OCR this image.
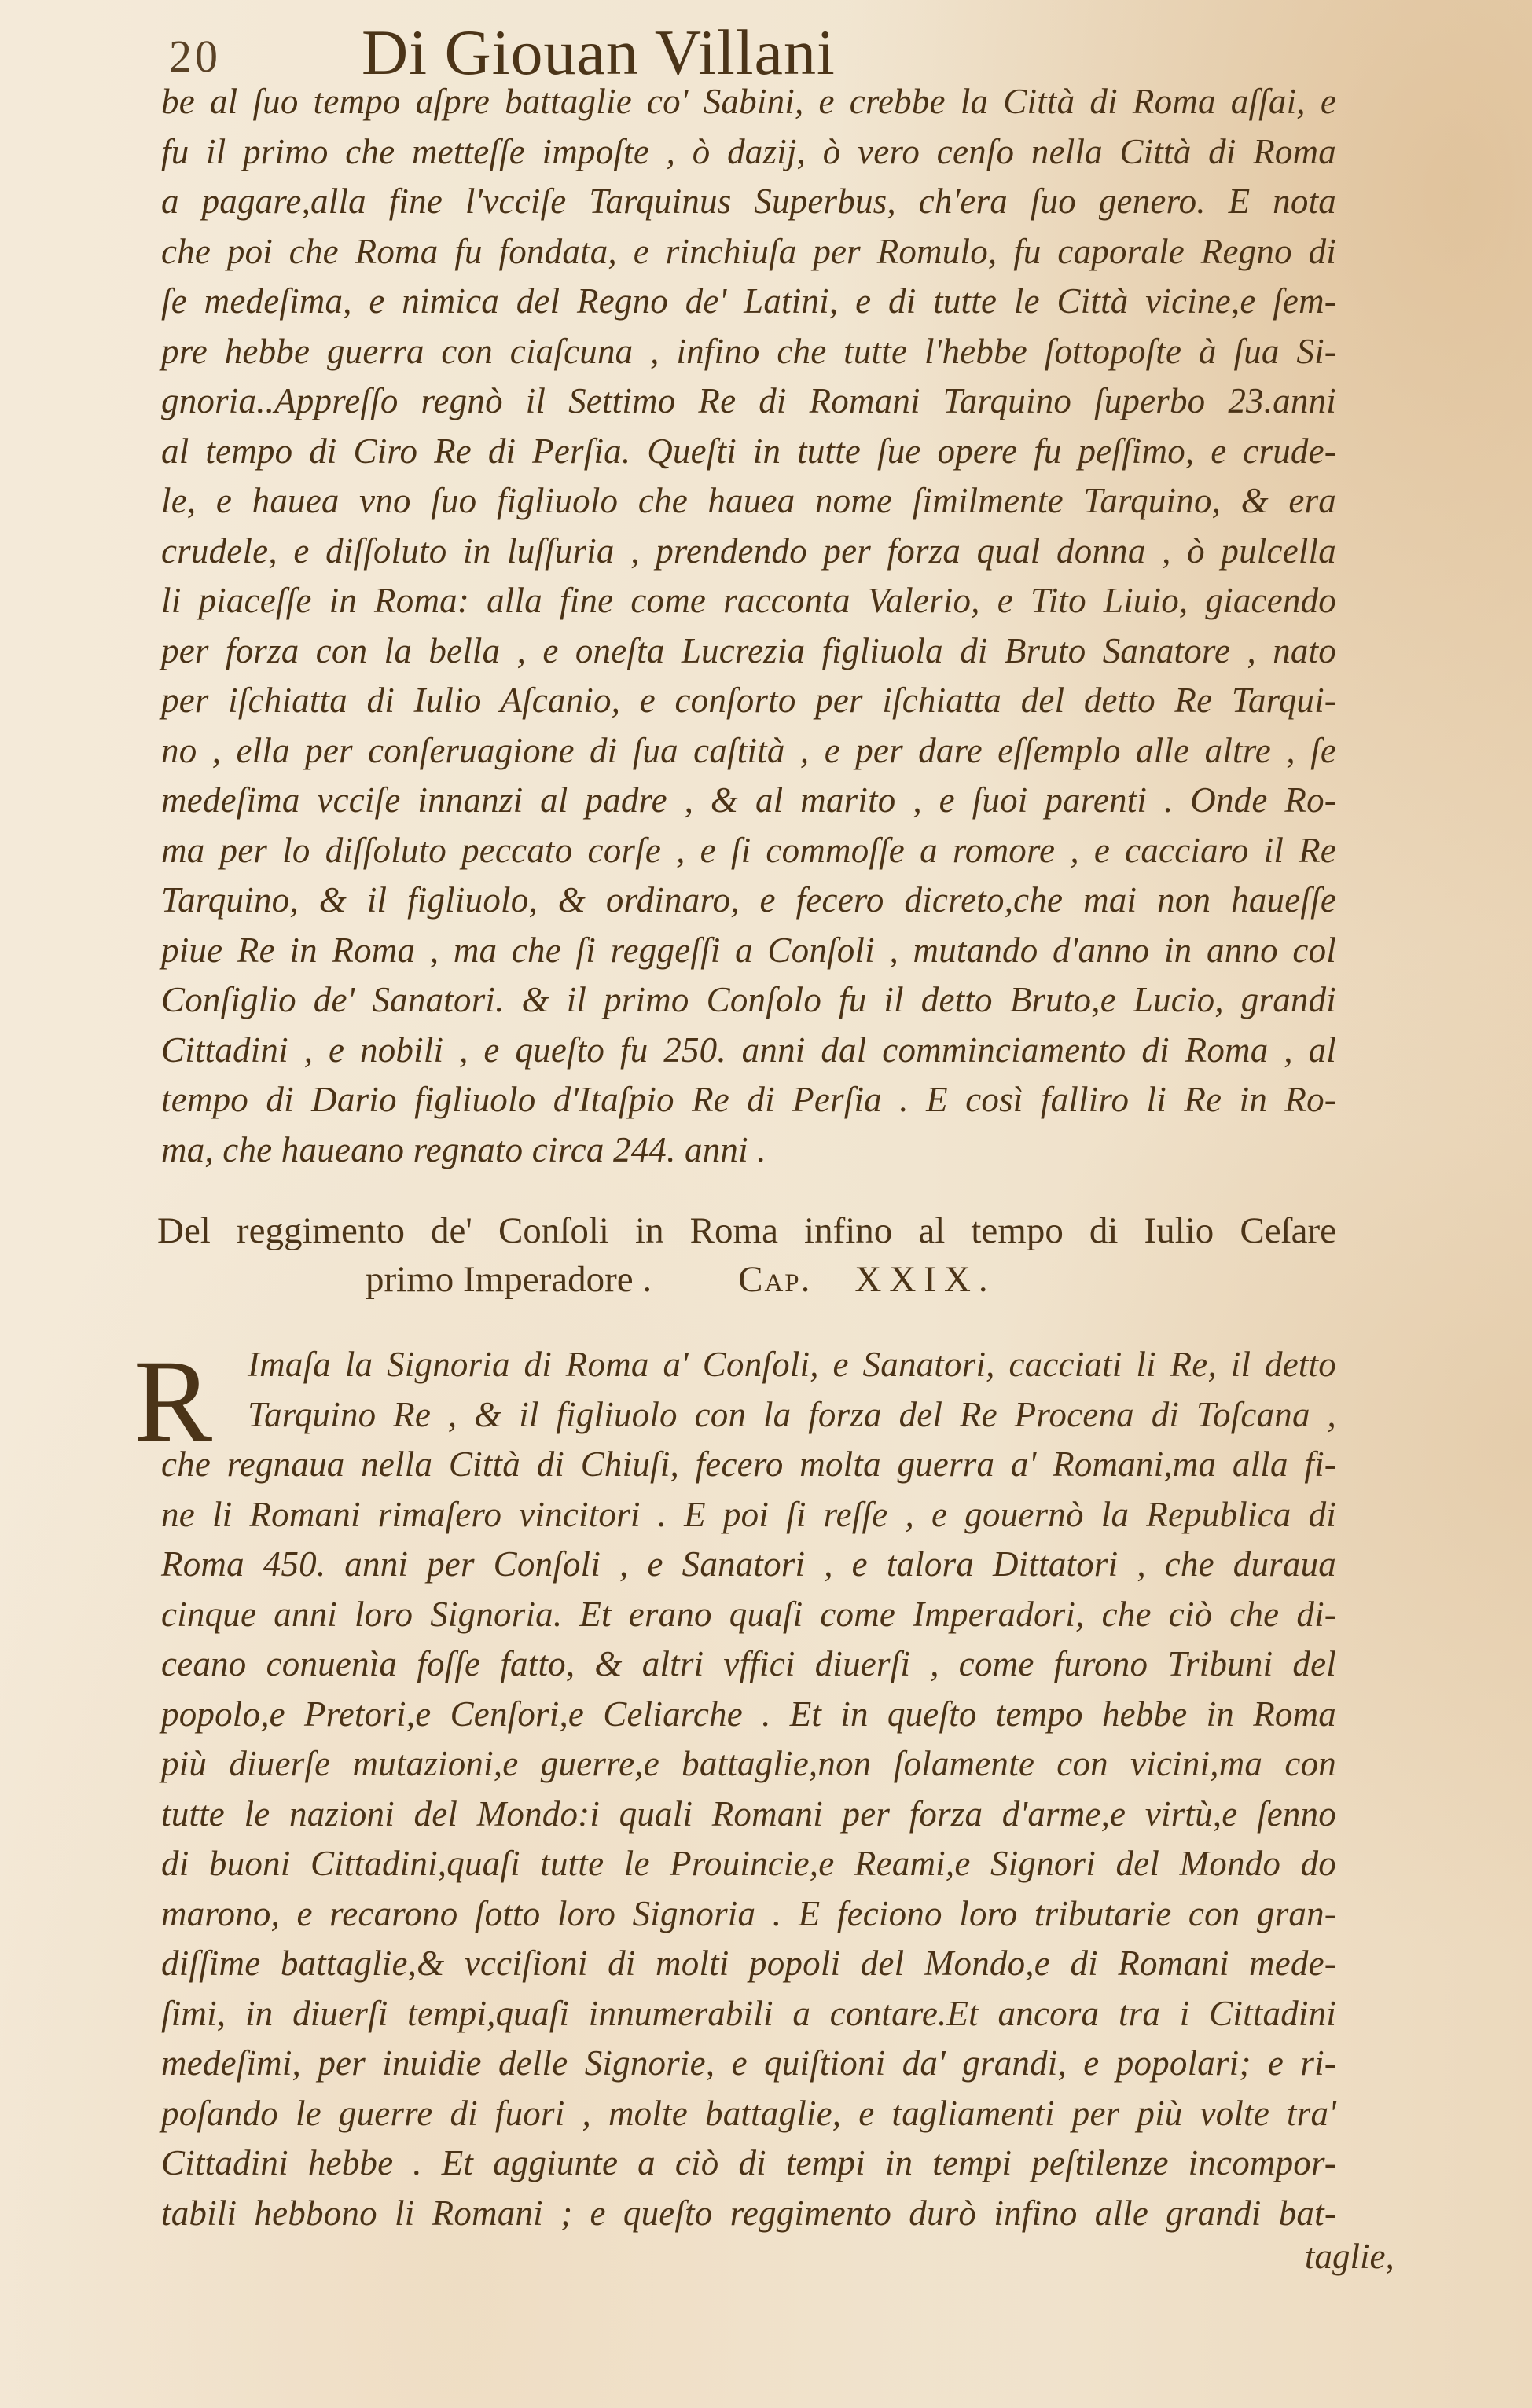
20 Di Giouan Villani
be al ſuo tempo aſpre battaglie co' Sabini, e crebbe la Città di Roma aſſai, e
fu il primo che metteſſe impoſte , ò dazij, ò vero cenſo nella Città di Roma
a pagare,alla fine l'vcciſe Tarquinus Superbus, ch'era ſuo genero. E nota
che poi che Roma fu fondata, e rinchiuſa per Romulo, fu caporale Regno di
ſe medeſima, e nimica del Regno de' Latini, e di tutte le Città vicine,e ſem-
pre hebbe guerra con ciaſcuna , infino che tutte l'hebbe ſottopoſte à ſua Si-
gnoria..Appreſſo regnò il Settimo Re di Romani Tarquino ſuperbo 23.anni
al tempo di Ciro Re di Perſia. Queſti in tutte ſue opere fu peſſimo, e crude-
le, e hauea vno ſuo figliuolo che hauea nome ſimilmente Tarquino, & era
crudele, e diſſoluto in luſſuria , prendendo per forza qual donna , ò pulcella
li piaceſſe in Roma: alla fine come racconta Valerio, e Tito Liuio, giacendo
per forza con la bella , e oneſta Lucrezia figliuola di Bruto Sanatore , nato
per iſchiatta di Iulio Aſcanio, e conſorto per iſchiatta del detto Re Tarqui-
no , ella per conſeruagione di ſua caſtità , e per dare eſſemplo alle altre , ſe
medeſima vcciſe innanzi al padre , & al marito , e ſuoi parenti . Onde Ro-
ma per lo diſſoluto peccato corſe , e ſi commoſſe a romore , e cacciaro il Re
Tarquino, & il figliuolo, & ordinaro, e fecero dicreto,che mai non haueſſe
piue Re in Roma , ma che ſi reggeſſi a Conſoli , mutando d'anno in anno col
Conſiglio de' Sanatori. & il primo Conſolo fu il detto Bruto,e Lucio, grandi
Cittadini , e nobili , e queſto fu 250. anni dal comminciamento di Roma , al
tempo di Dario figliuolo d'Itaſpio Re di Perſia . E così falliro li Re in Ro-
ma, che haueano regnato circa 244. anni .
Del reggimento de' Conſoli in Roma infino al tempo di Iulio Ceſare
primo Imperadore . Cap. XXIX.
R Imaſa la Signoria di Roma a' Conſoli, e Sanatori, cacciati li Re, il detto
Tarquino Re , & il figliuolo con la forza del Re Procena di Toſcana ,
che regnaua nella Città di Chiuſi, fecero molta guerra a' Romani,ma alla fi-
ne li Romani rimaſero vincitori . E poi ſi reſſe , e gouernò la Republica di
Roma 450. anni per Conſoli , e Sanatori , e talora Dittatori , che duraua
cinque anni loro Signoria. Et erano quaſi come Imperadori, che ciò che di-
ceano conuenìa foſſe fatto, & altri vffici diuerſi , come furono Tribuni del
popolo,e Pretori,e Cenſori,e Celiarche . Et in queſto tempo hebbe in Roma
più diuerſe mutazioni,e guerre,e battaglie,non ſolamente con vicini,ma con
tutte le nazioni del Mondo:i quali Romani per forza d'arme,e virtù,e ſenno
di buoni Cittadini,quaſi tutte le Prouincie,e Reami,e Signori del Mondo do
marono, e recarono ſotto loro Signoria . E feciono loro tributarie con gran-
diſſime battaglie,& vcciſioni di molti popoli del Mondo,e di Romani mede-
ſimi, in diuerſi tempi,quaſi innumerabili a contare.Et ancora tra i Cittadini
medeſimi, per inuidie delle Signorie, e quiſtioni da' grandi, e popolari; e ri-
poſando le guerre di fuori , molte battaglie, e tagliamenti per più volte tra'
Cittadini hebbe . Et aggiunte a ciò di tempi in tempi peſtilenze incompor-
tabili hebbono li Romani ; e queſto reggimento durò infino alle grandi bat-
taglie,
